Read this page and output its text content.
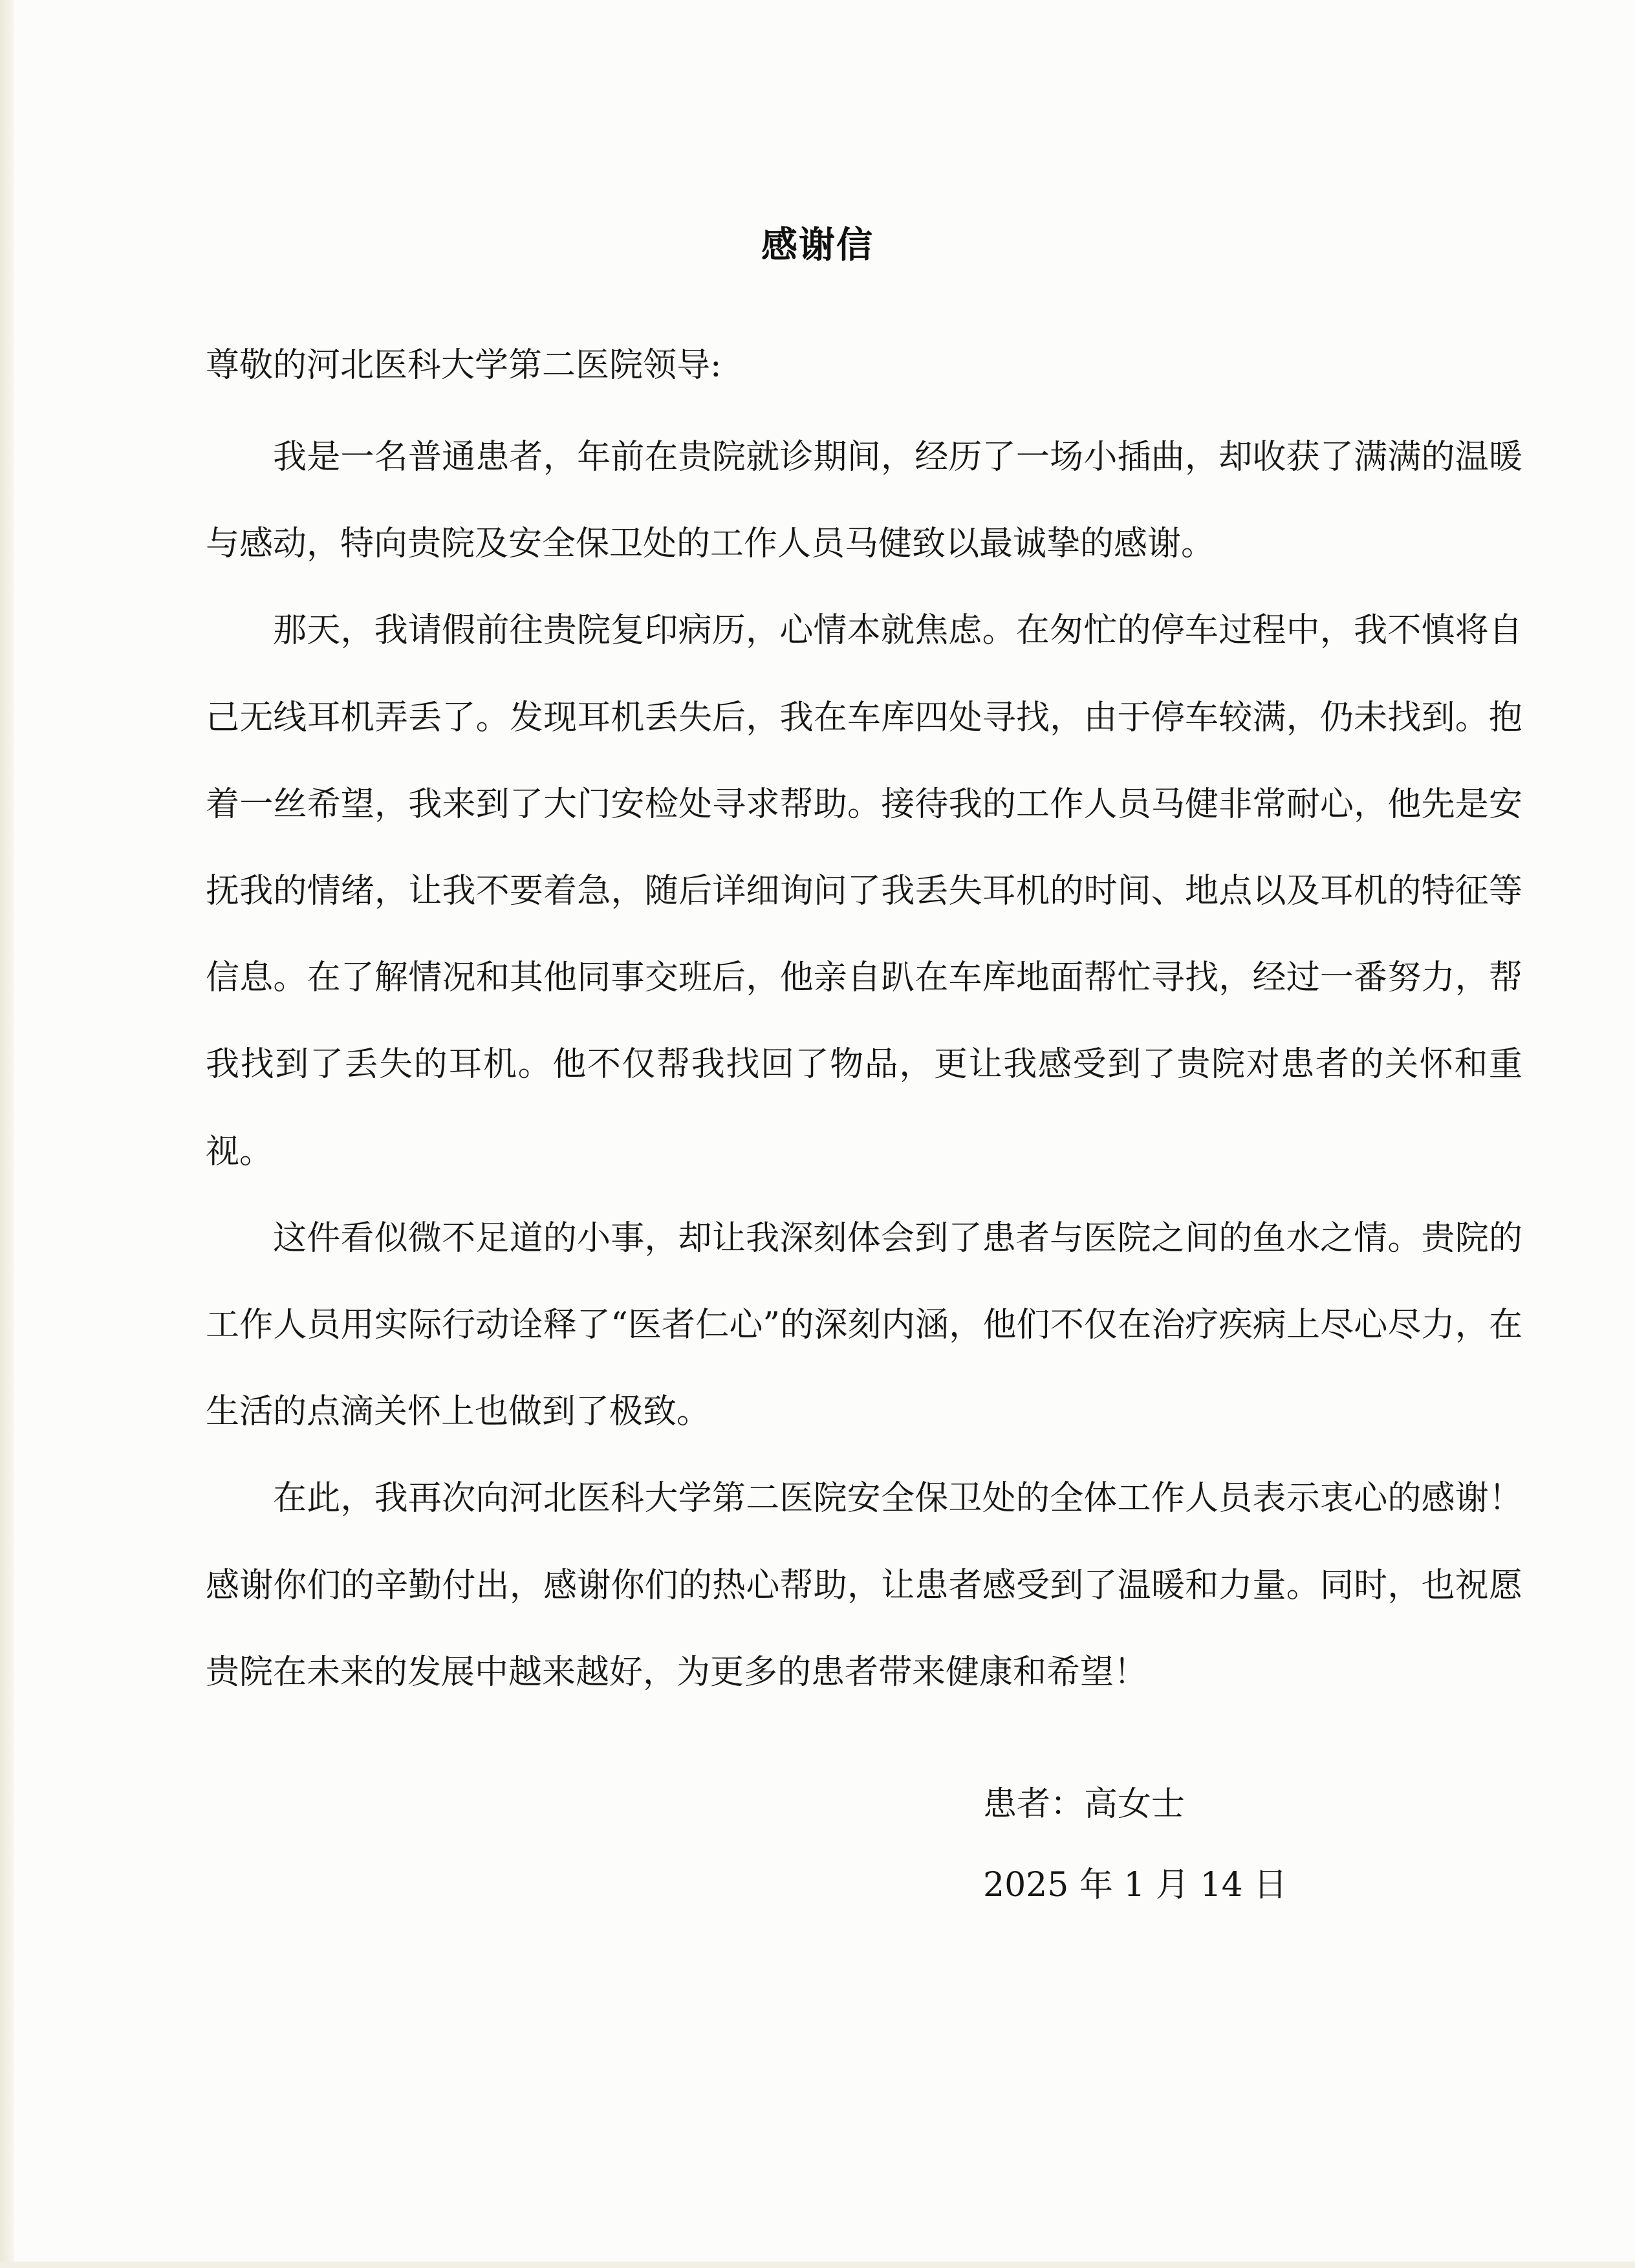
感谢信
尊敬的河北医科大学第二医院领导:

我是一名普通患者，年前在贵院就诊期间，经历了一场小插曲，却收获了满满的温暖与感动，特向贵院及安全保卫处的工作人员马健致以最诚挚的感谢。

那天，我请假前往贵院复印病历，心情本就焦虑。在匆忙的停车过程中，我不慎将自己无线耳机弄丢了。发现耳机丢失后，我在车库四处寻找，由于停车较满，仍未找到。抱着一丝希望，我来到了大门安检处寻求帮助。接待我的工作人员马健非常耐心，他先是安抚我的情绪，让我不要着急，随后详细询问了我丢失耳机的时间、地点以及耳机的特征等信息。在了解情况和其他同事交班后，他亲自趴在车库地面帮忙寻找，经过一番努力，帮我找到了丢失的耳机。他不仅帮我找回了物品，更让我感受到了贵院对患者的关怀和重视。

这件看似微不足道的小事，却让我深刻体会到了患者与医院之间的鱼水之情。贵院的工作人员用实际行动诠释了“医者仁心”的深刻内涵，他们不仅在治疗疾病上尽心尽力，在生活的点滴关怀上也做到了极致。

在此，我再次向河北医科大学第二医院安全保卫处的全体工作人员表示衷心的感谢！感谢你们的辛勤付出，感谢你们的热心帮助，让患者感受到了温暖和力量。同时，也祝愿贵院在未来的发展中越来越好，为更多的患者带来健康和希望！

患者：高女士
2025 年 1 月 14 日
